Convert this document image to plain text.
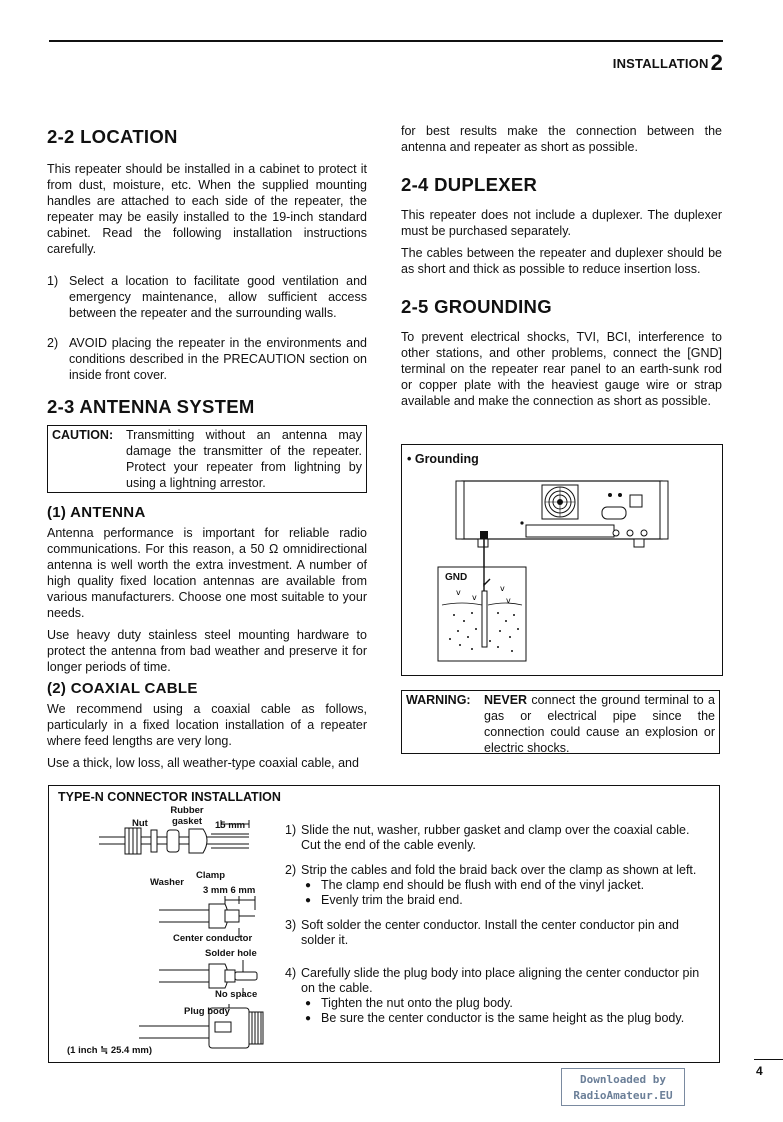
INSTALLATION2
2-2 LOCATION

This repeater should be installed in a cabinet to protect it from dust, moisture, etc. When the supplied mounting handles are attached to each side of the repeater, the repeater may be easily installed to the 19-inch standard cabinet. Read the following installation instructions carefully.

1) Select a location to facilitate good ventilation and emergency maintenance, allow sufficient access between the repeater and the surrounding walls.
2) AVOID placing the repeater in the environments and conditions described in the PRECAUTION section on inside front cover.
2-3 ANTENNA SYSTEM
CAUTION:	Transmitting without an antenna may damage the transmitter of the repeater. Protect your repeater from lightning by using a lightning arrestor.
(1) ANTENNA

Antenna performance is important for reliable radio communications. For this reason, a 50 Ω omnidirectional antenna is well worth the extra investment. A number of high quality fixed location antennas are available from various manufacturers. Choose one most suitable to your needs.

Use heavy duty stainless steel mounting hardware to protect the antenna from bad weather and preserve it for longer periods of time.

(2) COAXIAL CABLE

We recommend using a coaxial cable as follows, particularly in a fixed location installation of a repeater where feed lengths are very long.

Use a thick, low loss, all weather-type coaxial cable, and

for best results make the connection between the antenna and repeater as short as possible.

2-4 DUPLEXER

This repeater does not include a duplexer. The duplexer must be purchased separately.

The cables between the repeater and duplexer should be as short and thick as possible to reduce insertion loss.

2-5 GROUNDING

To prevent electrical shocks, TVI, BCI, interference to other stations, and other problems, connect the [GND] terminal on the repeater rear panel to an earth-sunk rod or copper plate with the heaviest gauge wire or strap available and make the connection as short as possible.

• Grounding
ᴠ	ᴠ
ᴠ
ᴠ
GND
WARNING:	NEVER connect the ground terminal to a gas or electrical pipe since the connection could cause an explosion or electric shocks.
TYPE-N CONNECTOR INSTALLATION
Rubber gasket
Nut	15 mm
Clamp
Washer
3 mm 6 mm
Center conductor
Solder hole
No space
Plug body
(1 inch ≒ 25.4 mm)
1) Slide the nut, washer, rubber gasket and clamp over the coaxial cable. Cut the end of the cable evenly.
2) Strip the cables and fold the braid back over the clamp as shown at left.
● The clamp end should be flush with end of the vinyl jacket.
● Evenly trim the braid end.
3) Soft solder the center conductor. Install the center conductor pin and solder it.
4) Carefully slide the plug body into place aligning the center conductor pin on the cable.
● Tighten the nut onto the plug body.
● Be sure the center conductor is the same height as the plug body.
4
Downloaded by
RadioAmateur.EU
